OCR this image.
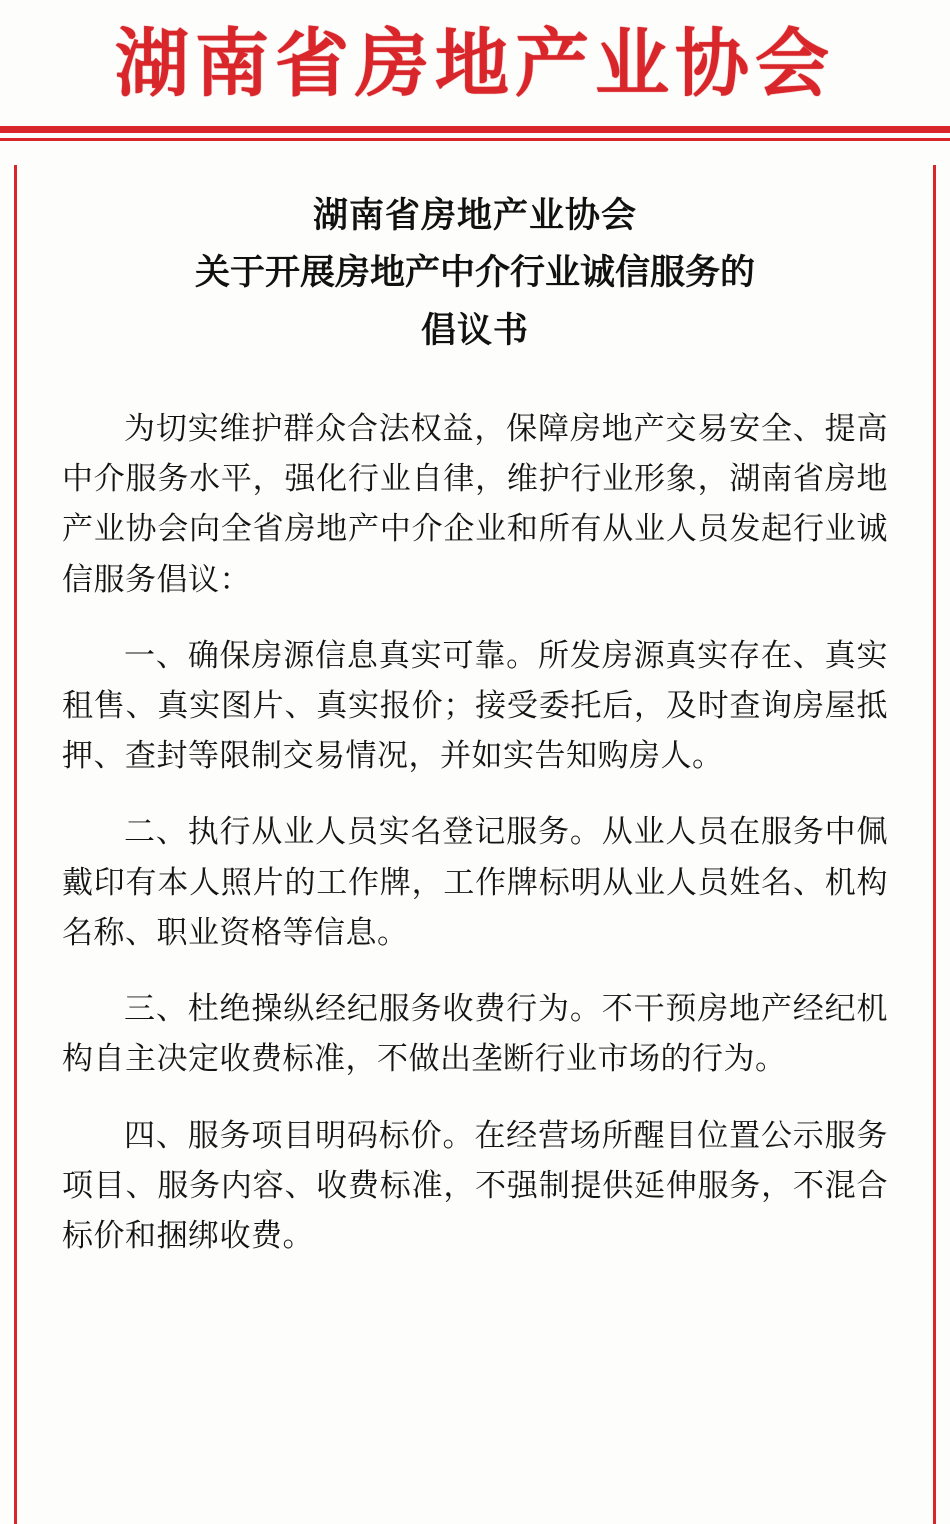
湖南省房地产业协会
湖南省房地产业协会
关于开展房地产中介行业诚信服务的
倡议书

为切实维护群众合法权益，保障房地产交易安全、提高中介服务水平，强化行业自律，维护行业形象，湖南省房地产业协会向全省房地产中介企业和所有从业人员发起行业诚信服务倡议：

一、确保房源信息真实可靠。所发房源真实存在、真实租售、真实图片、真实报价；接受委托后，及时查询房屋抵押、查封等限制交易情况，并如实告知购房人。

二、执行从业人员实名登记服务。从业人员在服务中佩戴印有本人照片的工作牌，工作牌标明从业人员姓名、机构名称、职业资格等信息。

三、杜绝操纵经纪服务收费行为。不干预房地产经纪机构自主决定收费标准，不做出垄断行业市场的行为。

四、服务项目明码标价。在经营场所醒目位置公示服务项目、服务内容、收费标准，不强制提供延伸服务，不混合标价和捆绑收费。
